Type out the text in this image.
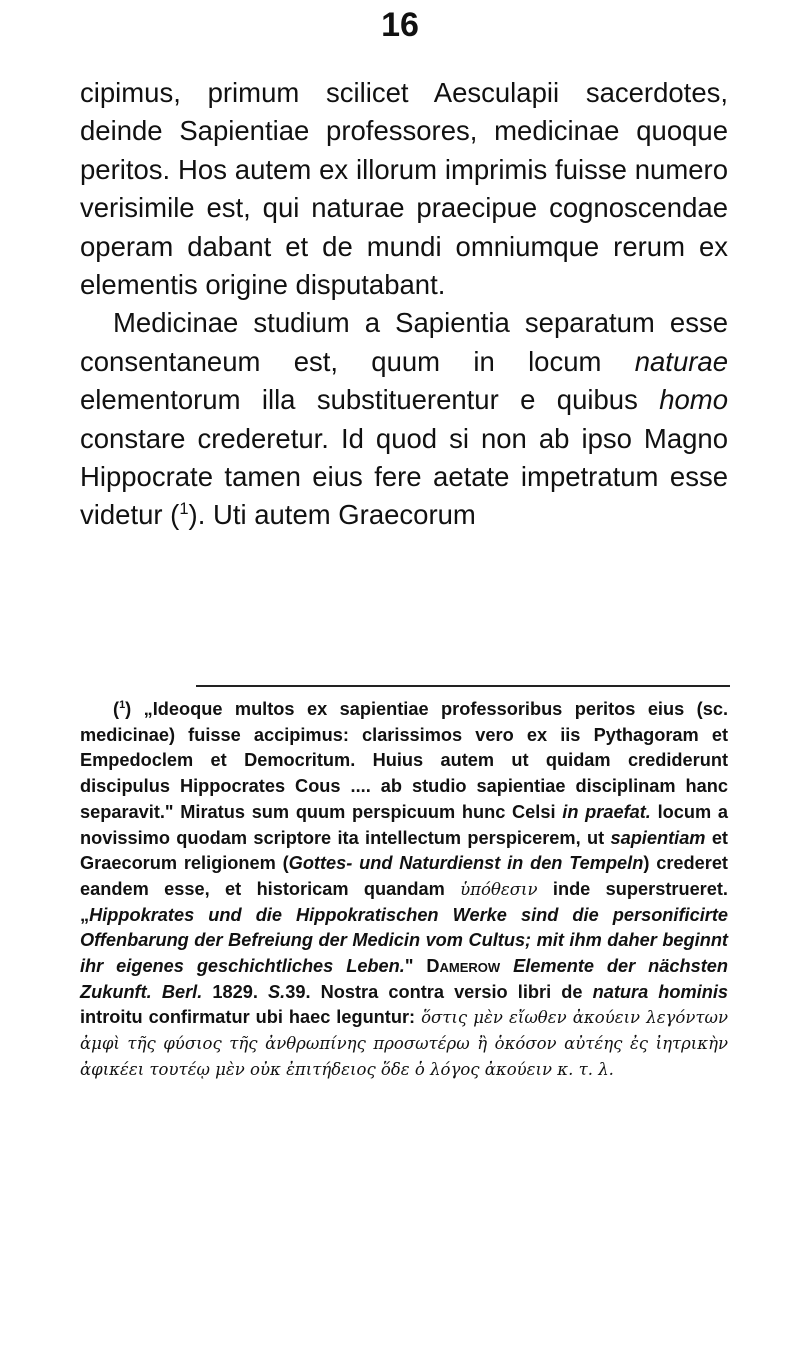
16

cipimus, primum scilicet Aesculapii sacerdotes, deinde Sapientiae professores, medicinae quoque peritos. Hos autem ex illorum imprimis fuisse numero verisimile est, qui naturae praecipue cognoscendae operam dabant et de mundi omniumque rerum ex elementis origine disputabant.

Medicinae studium a Sapientia separatum esse consentaneum est, quum in locum naturae elementorum illa substituerentur e quibus homo constare crederetur. Id quod si non ab ipso Magno Hippocrate tamen eius fere aetate impetratum esse videtur ($^1$). Uti autem Graecorum

($^1$) „Ideoque multos ex sapientiae professoribus peritos eius (sc. medicinae) fuisse accipimus: clarissimos vero ex iis Pythagoram et Empedoclem et Democritum. Huius autem ut quidam crediderunt discipulus Hippocrates Cous .... ab studio sapientiae disciplinam hanc separavit." Miratus sum quum perspicuum hunc Celsi in praefat. locum a novissimo quodam scriptore ita intellectum perspicerem, ut sapientiam et Graecorum religionem (Gottes- und Naturdienst in den Tempeln) crederet eandem esse, et historicam quandam ὑπόθεσιν inde superstrueret. „Hippokrates und die Hippokratischen Werke sind die personificirte Offenbarung der Befreiung der Medicin vom Cultus; mit ihm daher beginnt ihr eigenes geschichtliches Leben." Damerow Elemente der nächsten Zukunft. Berl. 1829. S.39. Nostra contra versio libri de natura hominis introitu confirmatur ubi haec leguntur: ὅστις μὲν εἴωθεν ἀκούειν λεγόντων ἀμφὶ τῆς φύσιος τῆς ἀνθρωπίνης προσωτέρω ἢ ὁκόσον αὐτέης ἐς ἰητρικὴν ἀφικέει τουτέῳ μὲν οὐκ ἐπιτήδειος ὅδε ὁ λόγος ἀκούειν κ. τ. λ.
